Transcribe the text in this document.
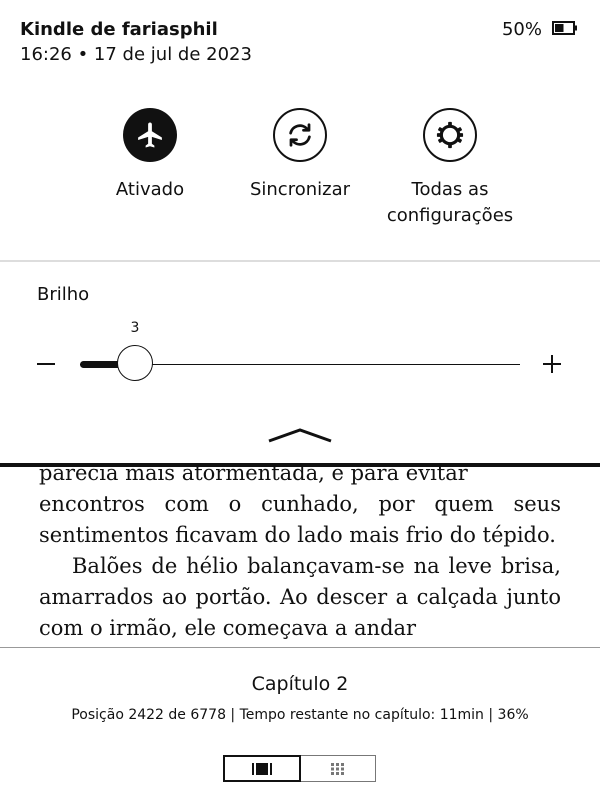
Kindle de fariasphil
16:26 • 17 de jul de 2023
50%
Ativado	Sincronizar	Todas as
configurações
Brilho
3

parecia mais atormentada, e para evitar

encontros com o cunhado, por quem seus sentimentos ficavam do lado mais frio do tépido.

Balões de hélio balançavam-se na leve brisa, amarrados ao portão. Ao descer a calçada junto com o irmão, ele começava a andar

Capítulo 2
Posição 2422 de 6778 | Tempo restante no capítulo: 11min | 36%
